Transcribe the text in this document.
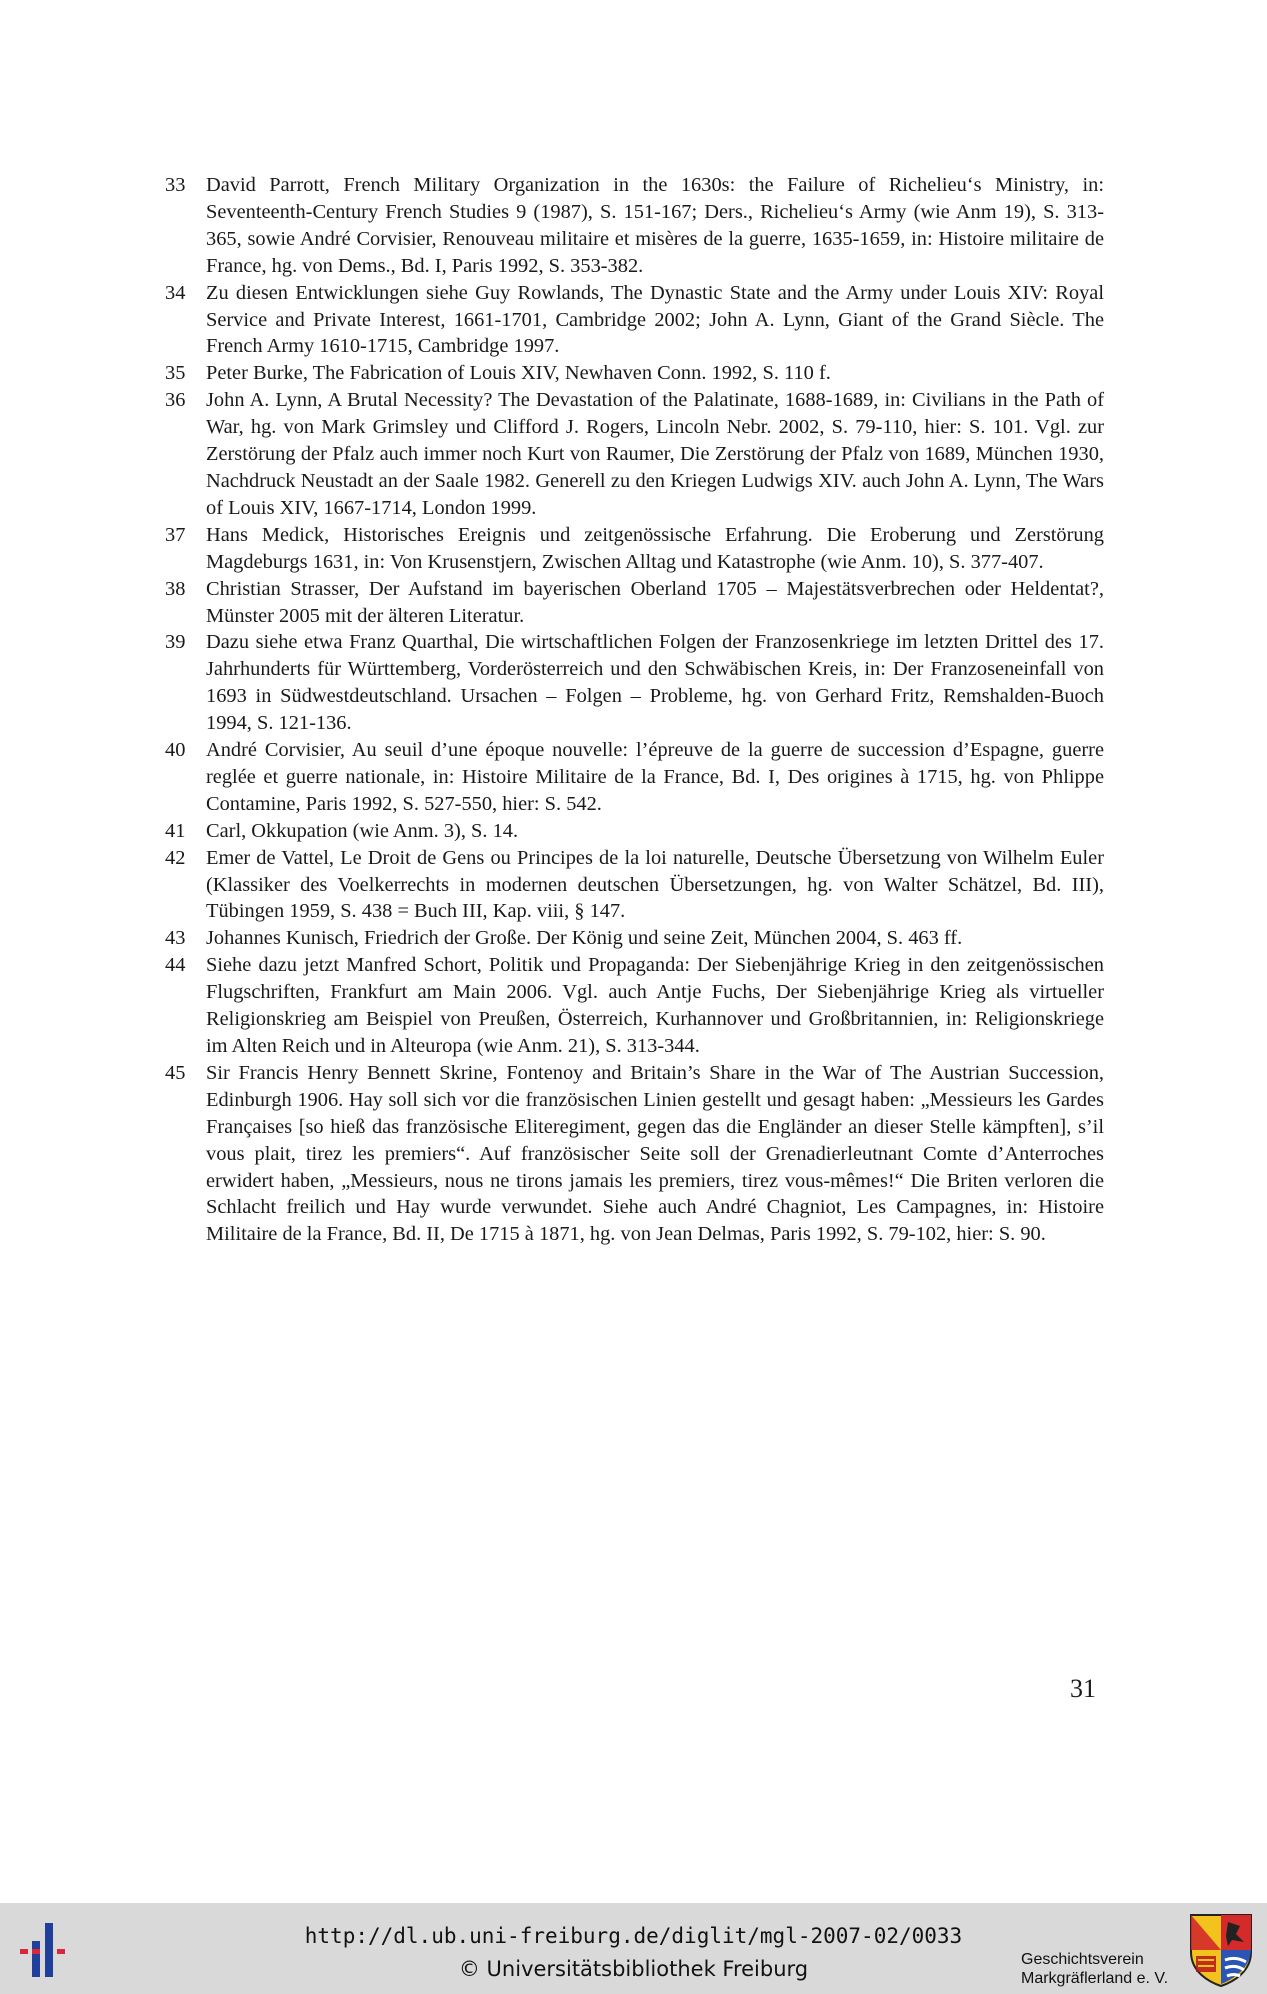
33 David Parrott, French Military Organization in the 1630s: the Failure of Richelieu‘s Ministry, in: Seventeenth-Century French Studies 9 (1987), S. 151-167; Ders., Richelieu‘s Army (wie Anm 19), S. 313-365, sowie André Corvisier, Renouveau militaire et misères de la guerre, 1635-1659, in: Histoire militaire de France, hg. von Dems., Bd. I, Paris 1992, S. 353-382.
34 Zu diesen Entwicklungen siehe Guy Rowlands, The Dynastic State and the Army under Louis XIV: Royal Service and Private Interest, 1661-1701, Cambridge 2002; John A. Lynn, Giant of the Grand Siècle. The French Army 1610-1715, Cambridge 1997.
35 Peter Burke, The Fabrication of Louis XIV, Newhaven Conn. 1992, S. 110 f.
36 John A. Lynn, A Brutal Necessity? The Devastation of the Palatinate, 1688-1689, in: Civilians in the Path of War, hg. von Mark Grimsley und Clifford J. Rogers, Lincoln Nebr. 2002, S. 79-110, hier: S. 101. Vgl. zur Zerstörung der Pfalz auch immer noch Kurt von Raumer, Die Zerstörung der Pfalz von 1689, München 1930, Nachdruck Neustadt an der Saale 1982. Generell zu den Kriegen Ludwigs XIV. auch John A. Lynn, The Wars of Louis XIV, 1667-1714, London 1999.
37 Hans Medick, Historisches Ereignis und zeitgenössische Erfahrung. Die Eroberung und Zerstörung Magdeburgs 1631, in: Von Krusenstjern, Zwischen Alltag und Katastrophe (wie Anm. 10), S. 377-407.
38 Christian Strasser, Der Aufstand im bayerischen Oberland 1705 – Majestätsverbrechen oder Heldentat?, Münster 2005 mit der älteren Literatur.
39 Dazu siehe etwa Franz Quarthal, Die wirtschaftlichen Folgen der Franzosenkriege im letzten Drittel des 17. Jahrhunderts für Württemberg, Vorderösterreich und den Schwäbischen Kreis, in: Der Franzoseneinfall von 1693 in Südwestdeutschland. Ursachen – Folgen – Probleme, hg. von Gerhard Fritz, Remshalden-Buoch 1994, S. 121-136.
40 André Corvisier, Au seuil d’une époque nouvelle: l’épreuve de la guerre de succession d’Espagne, guerre reglée et guerre nationale, in: Histoire Militaire de la France, Bd. I, Des origines à 1715, hg. von Phlippe Contamine, Paris 1992, S. 527-550, hier: S. 542.
41 Carl, Okkupation (wie Anm. 3), S. 14.
42 Emer de Vattel, Le Droit de Gens ou Principes de la loi naturelle, Deutsche Übersetzung von Wilhelm Euler (Klassiker des Voelkerrechts in modernen deutschen Übersetzungen, hg. von Walter Schätzel, Bd. III), Tübingen 1959, S. 438 = Buch III, Kap. viii, § 147.
43 Johannes Kunisch, Friedrich der Große. Der König und seine Zeit, München 2004, S. 463 ff.
44 Siehe dazu jetzt Manfred Schort, Politik und Propaganda: Der Siebenjährige Krieg in den zeitgenössischen Flugschriften, Frankfurt am Main 2006. Vgl. auch Antje Fuchs, Der Siebenjährige Krieg als virtueller Religionskrieg am Beispiel von Preußen, Österreich, Kurhannover und Großbritannien, in: Religionskriege im Alten Reich und in Alteuropa (wie Anm. 21), S. 313-344.
45 Sir Francis Henry Bennett Skrine, Fontenoy and Britain’s Share in the War of The Austrian Succession, Edinburgh 1906. Hay soll sich vor die französischen Linien gestellt und gesagt haben: „Messieurs les Gardes Françaises [so hieß das französische Eliteregiment, gegen das die Engländer an dieser Stelle kämpften], s’il vous plait, tirez les premiers“. Auf französischer Seite soll der Grenadierleutnant Comte d’Anterroches erwidert haben, „Messieurs, nous ne tirons jamais les premiers, tirez vous-mêmes!“ Die Briten verloren die Schlacht freilich und Hay wurde verwundet. Siehe auch André Chagniot, Les Campagnes, in: Histoire Militaire de la France, Bd. II, De 1715 à 1871, hg. von Jean Delmas, Paris 1992, S. 79-102, hier: S. 90.
31
http://dl.ub.uni-freiburg.de/diglit/mgl-2007-02/0033
© Universitätsbibliothek Freiburg	Geschichtsverein
Markgräflerland e. V.
